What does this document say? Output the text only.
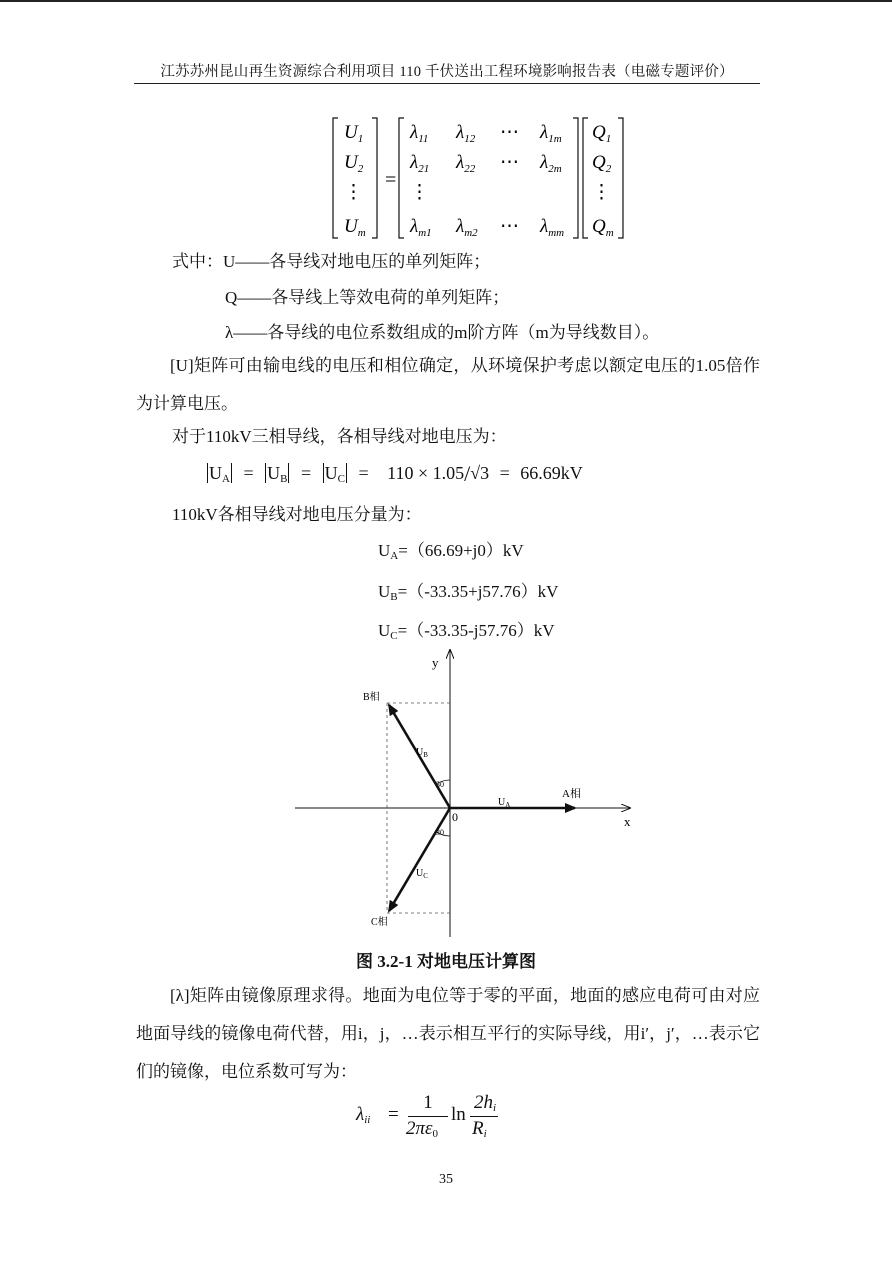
江苏苏州昆山再生资源综合利用项目 110 千伏送出工程环境影响报告表（电磁专题评价）
$U_1$
$U_2$
⋮
$U_m$
=
$\lambda_{11}$ $\lambda_{12}$ ⋯ $\lambda_{1m}$
$\lambda_{21}$ $\lambda_{22}$ ⋯ $\lambda_{2m}$
⋮
$\lambda_{m1}$ $\lambda_{m2}$ ⋯ $\lambda_{mm}$
$Q_1$
$Q_2$
⋮
$Q_m$
式中：U——各导线对地电压的单列矩阵；
Q——各导线上等效电荷的单列矩阵；
λ——各导线的电位系数组成的m阶方阵（m为导线数目）。
[U]矩阵可由输电线的电压和相位确定，从环境保护考虑以额定电压的1.05倍作为计算电压。
对于110kV三相导线，各相导线对地电压为：
$U_A = U_B = U_C = 110 \times 1.05/√3 = 66.69kV$
110kV各相导线对地电压分量为：
$U_A=(66.69+j0)kV$
$U_B=(-33.35+j57.76)kV$
$U_C=(-33.35-j57.76)kV$
y
x
0
A相
B相
C相
$U_A$
$U_B$
$U_C$
30
30
图 3.2-1 对地电压计算图
[λ]矩阵由镜像原理求得。地面为电位等于零的平面，地面的感应电荷可由对应地面导线的镜像电荷代替，用i，j，…表示相互平行的实际导线，用i′，j′，…表示它们的镜像，电位系数可写为：
$\lambda_{ii}$ =
1
$2\pi\varepsilon_0$
ln
$2h_i$
$R_i$
35
